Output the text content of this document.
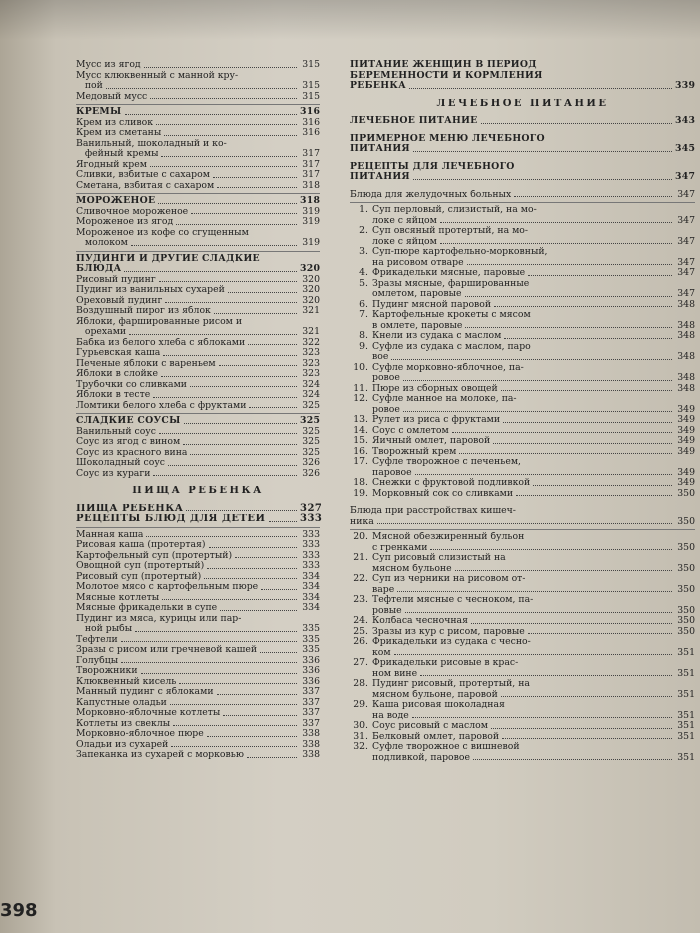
Мусс из ягод	315
Мусс клюквенный с манной кру-
пой	315
Медовый мусс	315
КРЕМЫ	316
Крем из сливок	316
Крем из сметаны	316
Ванильный, шоколадный и ко-
фейный кремы	317
Ягодный крем	317
Сливки, взбитые с сахаром	317
Сметана, взбитая с сахаром	318
МОРОЖЕНОЕ	318
Сливочное мороженое	319
Мороженое из ягод	319
Мороженое из кофе со сгущенным
молоком	319
ПУДИНГИ И ДРУГИЕ СЛАДКИЕ
БЛЮДА	320
Рисовый пудинг	320
Пудинг из ванильных сухарей	320
Ореховый пудинг	320
Воздушный пирог из яблок	321
Яблоки, фаршированные рисом и
орехами	321
Бабка из белого хлеба с яблоками	322
Гурьевская каша	323
Печеные яблоки с вареньем	323
Яблоки в слойке	323
Трубочки со сливками	324
Яблоки в тесте	324
Ломтики белого хлеба с фруктами	325
СЛАДКИЕ СОУСЫ	325
Ванильный соус	325
Соус из ягод с вином	325
Соус из красного вина	325
Шоколадный соус	326
Соус из кураги	326
ПИЩА РЕБЕНКА
ПИЩА РЕБЕНКА	327
РЕЦЕПТЫ БЛЮД ДЛЯ ДЕТЕЙ	333
Манная каша	333
Рисовая каша (протертая)	333
Картофельный суп (протертый)	333
Овощной суп (протертый)	333
Рисовый суп (протертый)	334
Молотое мясо с картофельным пюре	334
Мясные котлеты	334
Мясные фрикадельки в супе	334
Пудинг из мяса, курицы или пар-
ной рыбы	335
Тефтели	335
Зразы с рисом или гречневой кашей	335
Голубцы	336
Творожники	336
Клюквенный кисель	336
Манный пудинг с яблоками	337
Капустные оладьи	337
Морковно-яблочные котлеты	337
Котлеты из свеклы	337
Морковно-яблочное пюре	338
Оладьи из сухарей	338
Запеканка из сухарей с морковью	338
ПИТАНИЕ ЖЕНЩИН В ПЕРИОД
БЕРЕМЕННОСТИ И КОРМЛЕНИЯ
РЕБЕНКА	339
ЛЕЧЕБНОЕ ПИТАНИЕ
ЛЕЧЕБНОЕ ПИТАНИЕ	343
ПРИМЕРНОЕ МЕНЮ ЛЕЧЕБНОГО
ПИТАНИЯ	345
РЕЦЕПТЫ ДЛЯ ЛЕЧЕБНОГО
ПИТАНИЯ	347
Блюда для желудочных больных	347
1. Суп перловый, слизистый, на мо-
локе с яйцом	347
2. Суп овсяный протертый, на мо-
локе с яйцом	347
3. Суп-пюре картофельно-морковный,
на рисовом отваре	347
4. Фрикадельки мясные, паровые	347
5. Зразы мясные, фаршированные
омлетом, паровые	347
6. Пудинг мясной паровой	348
7. Картофельные крокеты с мясом
в омлете, паровые	348
8. Кнели из судака с маслом	348
9. Суфле из судака с маслом, паро
вое	348
10. Суфле морковно-яблочное, па-
ровое	348
11. Пюре из сборных овощей	348
12. Суфле манное на молоке, па-
ровое	349
13. Рулет из риса с фруктами	349
14. Соус с омлетом	349
15. Яичный омлет, паровой	349
16. Творожный крем	349
17. Суфле творожное с печеньем,
паровое	349
18. Снежки с фруктовой подливкой	349
19. Морковный сок со сливками	350
Блюда при расстройствах кишеч-
ника	350
20. Мясной обезжиренный бульон
с гренками	350
21. Суп рисовый слизистый на
мясном бульоне	350
22. Суп из черники на рисовом от-
варе	350
23. Тефтели мясные с чесноком, па-
ровые	350
24. Колбаса чесночная	350
25. Зразы из кур с рисом, паровые	350
26. Фрикадельки из судака с чесно-
ком	351
27. Фрикадельки рисовые в крас-
ном вине	351
28. Пудинг рисовый, протертый, на
мясном бульоне, паровой	351
29. Каша рисовая шоколадная
на воде	351
30. Соус рисовый с маслом	351
31. Белковый омлет, паровой	351
32. Суфле творожное с вишневой
подливкой, паровое	351
398
